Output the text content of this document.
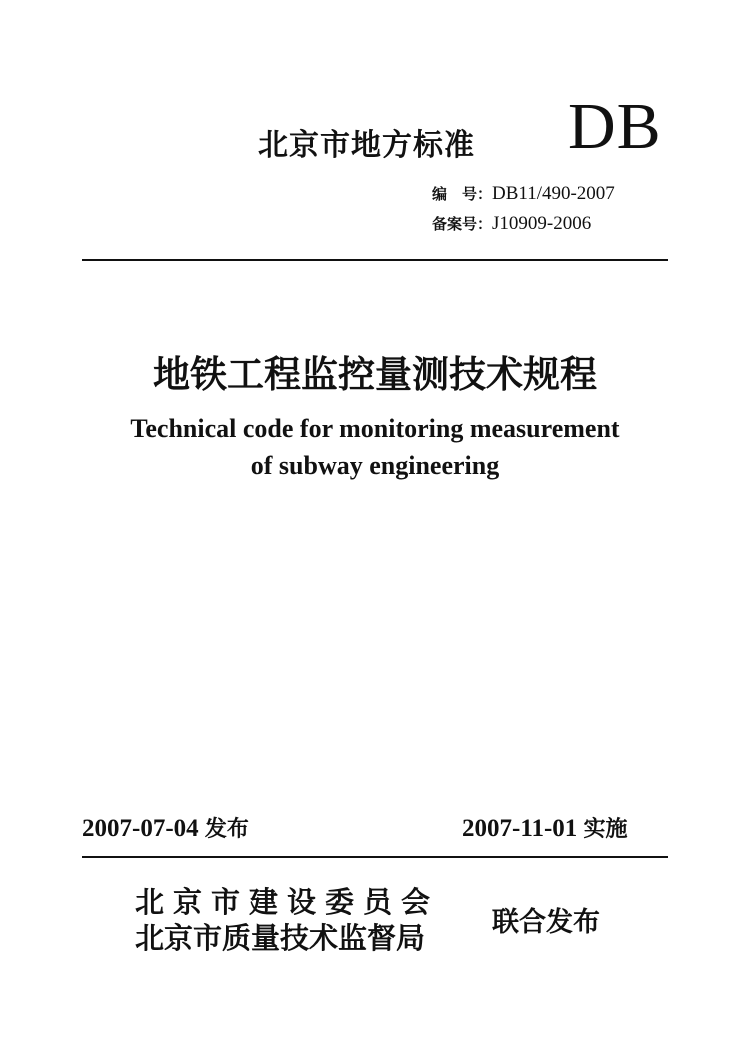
北京市地方标准 DB
编　号：DB11/490-2007
备案号：J10909-2006
地铁工程监控量测技术规程
Technical code for monitoring measurement
of subway engineering
2007-07-04 发布	2007-11-01 实施
北京市建设委员会
北京市质量技术监督局 联合发布
